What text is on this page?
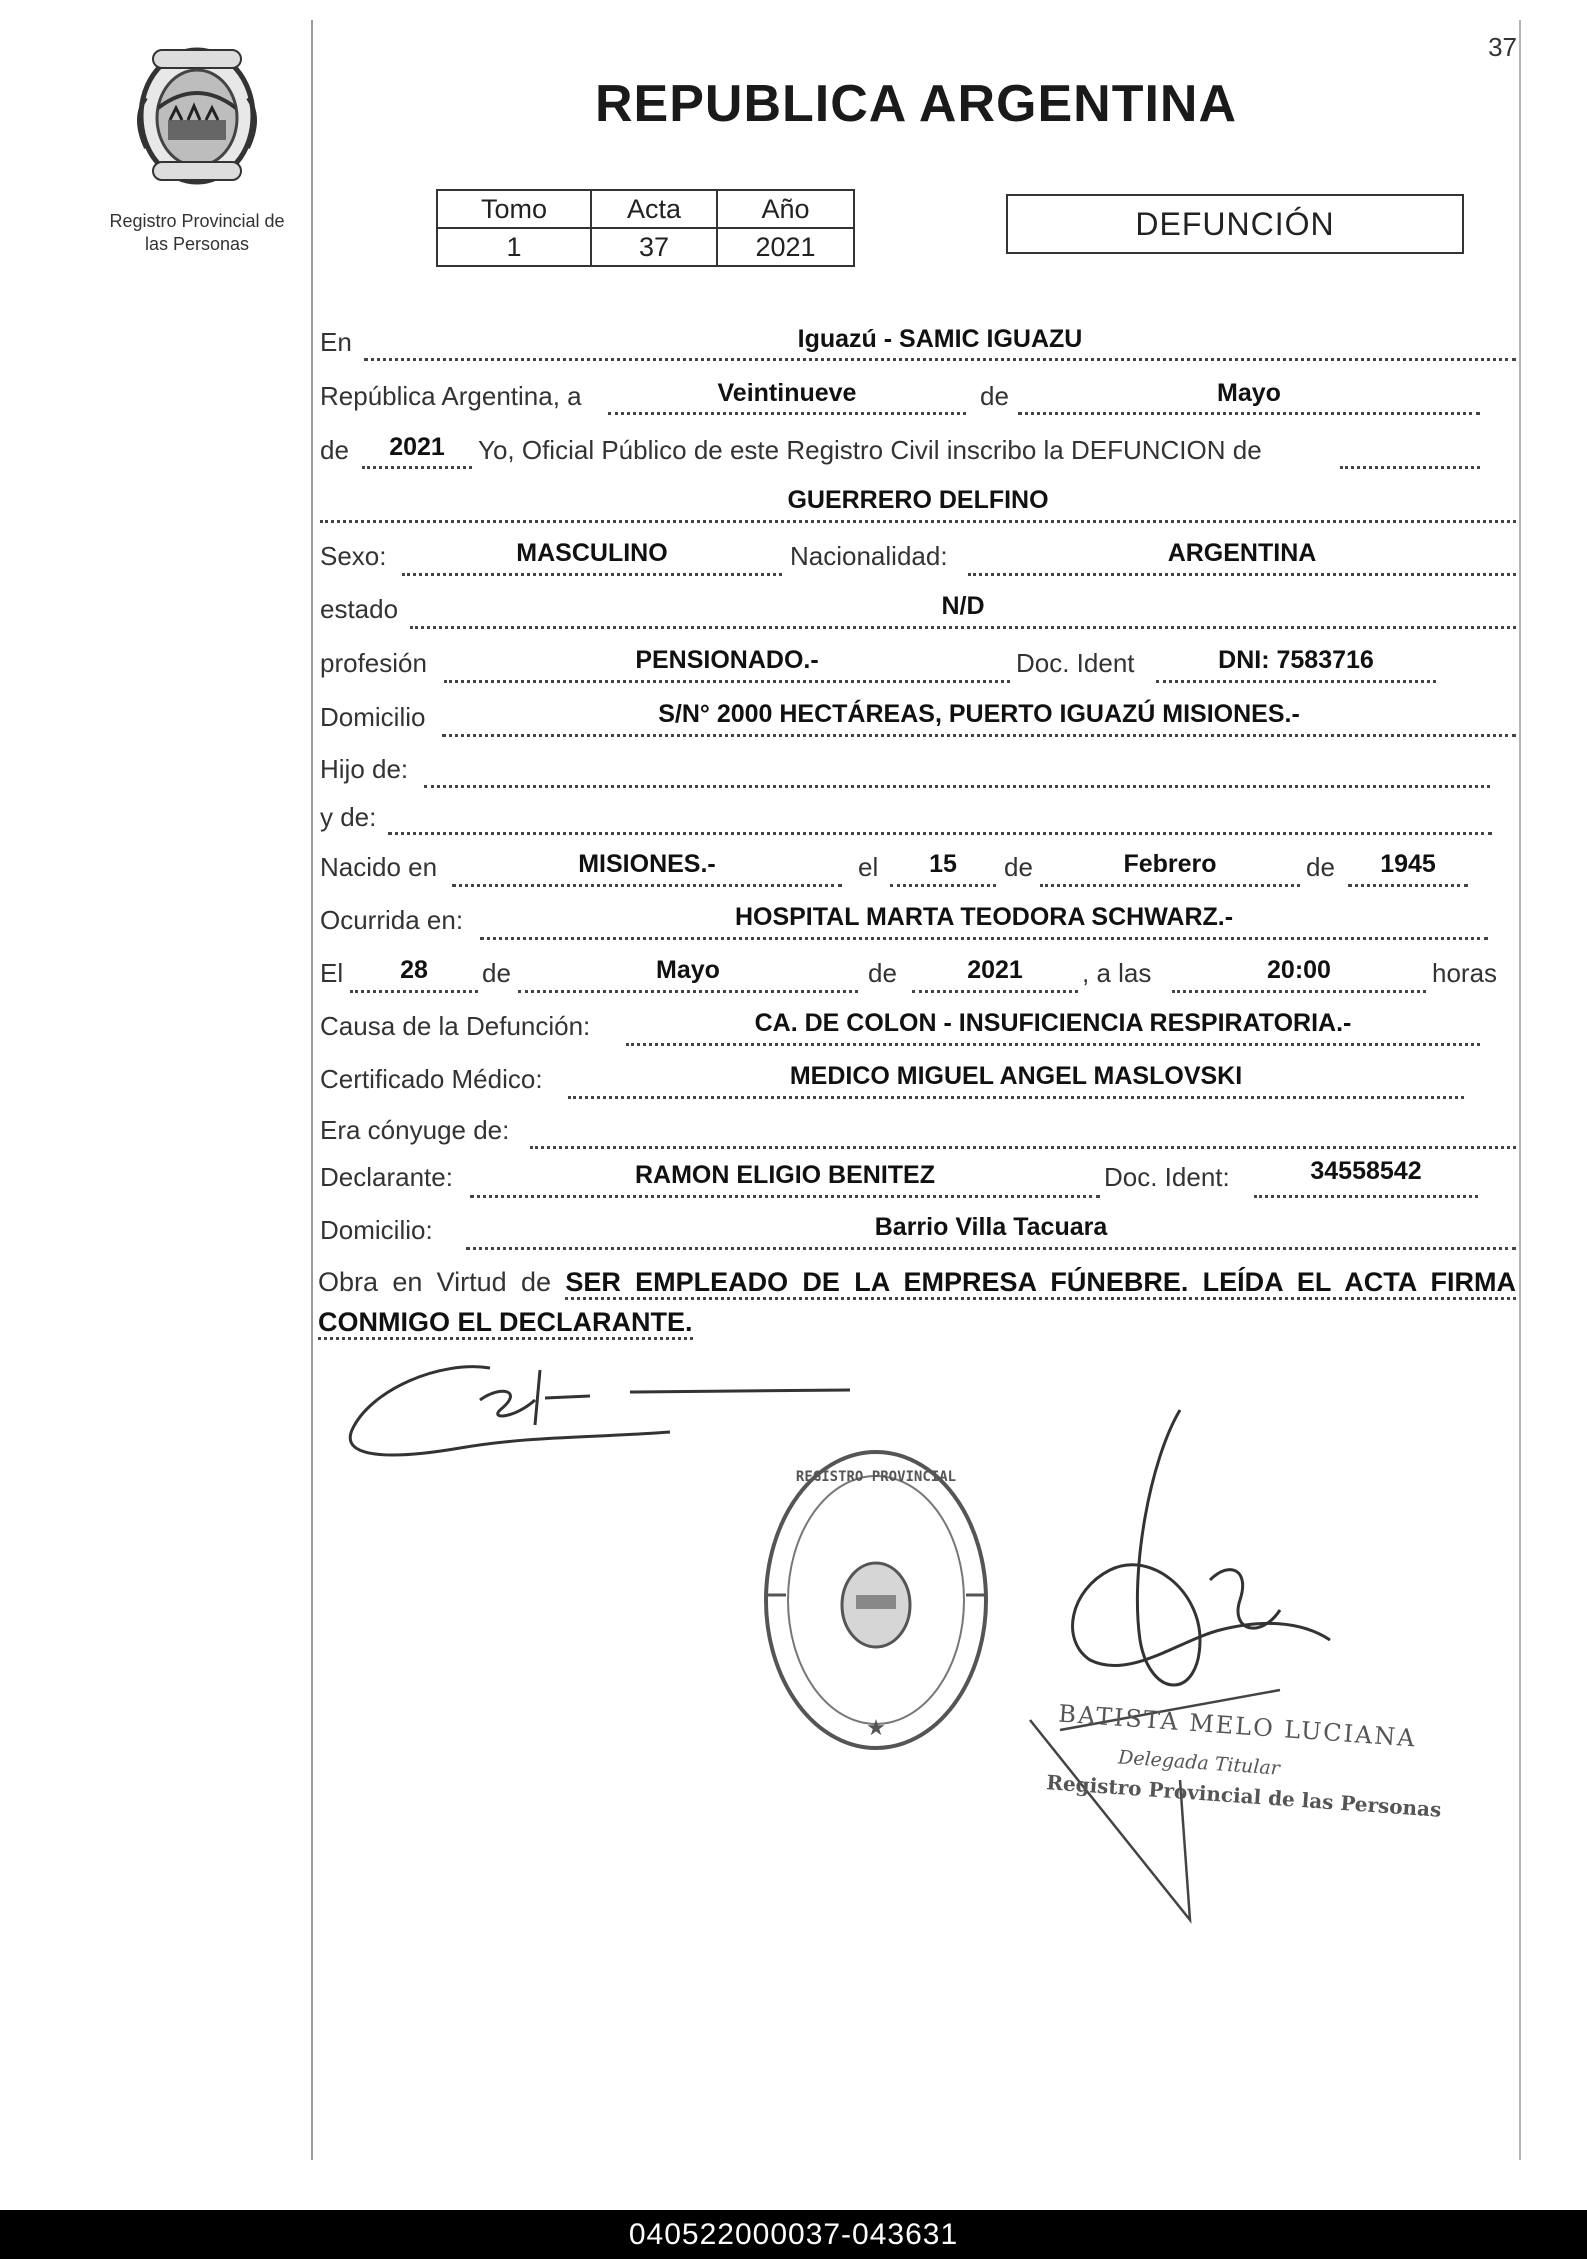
37
Registro Provincial de
las Personas
REPUBLICA ARGENTINA
Tomo	Acta	Año
1	37	2021
DEFUNCIÓN
En	Iguazú - SAMIC IGUAZU
República Argentina, a	Veintinueve	de	Mayo
de	2021	Yo, Oficial Público de este Registro Civil inscribo la DEFUNCION de
GUERRERO DELFINO
Sexo:	MASCULINO	Nacionalidad:	ARGENTINA
estado	N/D
profesión	PENSIONADO.-	Doc. Ident	DNI: 7583716
Domicilio	S/N° 2000 HECTÁREAS, PUERTO IGUAZÚ MISIONES.-
Hijo de:
y de:
Nacido en	MISIONES.-	el	15	de	Febrero	de	1945
Ocurrida en:	HOSPITAL MARTA TEODORA SCHWARZ.-
El	28	de	Mayo	de	2021	, a las	20:00	horas
Causa de la Defunción:	CA. DE COLON - INSUFICIENCIA RESPIRATORIA.-
Certificado Médico:	MEDICO MIGUEL ANGEL MASLOVSKI
Era cónyuge de:
Declarante:	RAMON ELIGIO BENITEZ	Doc. Ident:	34558542
Domicilio:	Barrio Villa Tacuara
Obra en Virtud de SER EMPLEADO DE LA EMPRESA FÚNEBRE. LEÍDA EL ACTA FIRMA CONMIGO EL DECLARANTE.
★
REGISTRO PROVINCIAL
BATISTA MELO LUCIANA
Delegada Titular
Registro Provincial de las Personas
040522000037-043631
